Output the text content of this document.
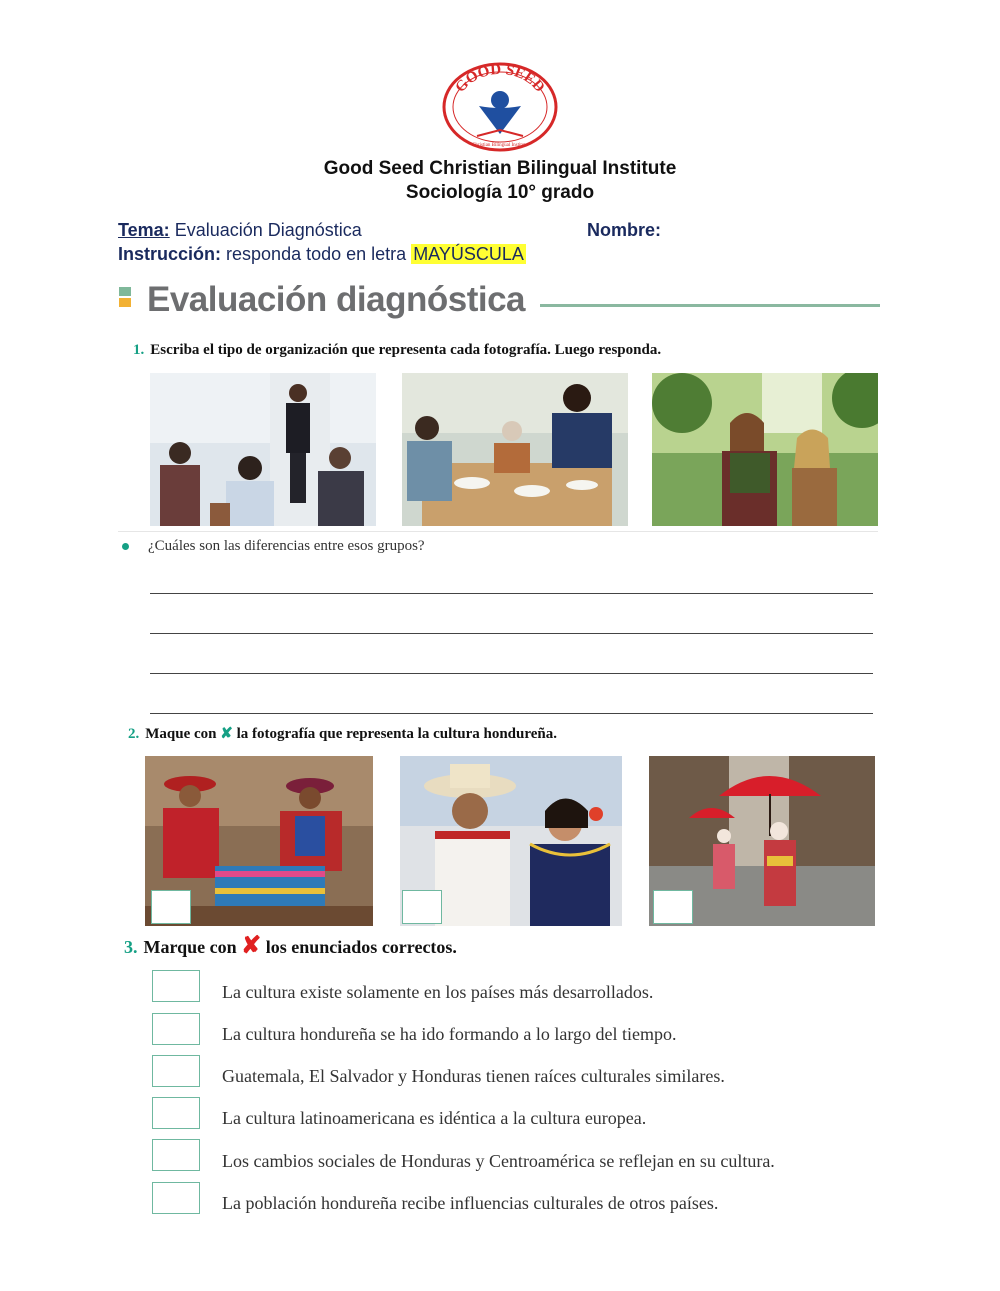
GOOD SEED
Christian Bilingual Institute
Good Seed Christian Bilingual Institute
Sociología 10° grado
Tema: Evaluación Diagnóstica	Nombre:
Instrucción: responda todo en letra MAYÚSCULA
Evaluación diagnóstica
1. Escriba el tipo de organización que representa cada fotografía. Luego responda.
¿Cuáles son las diferencias entre esos grupos?
2. Maque con ✘ la fotografía que representa la cultura hondureña.
3. Marque con ✘ los enunciados correctos.
La cultura existe solamente en los países más desarrollados.
La cultura hondureña se ha ido formando a lo largo del tiempo.
Guatemala, El Salvador y Honduras tienen raíces culturales similares.
La cultura latinoamericana es idéntica a la cultura europea.
Los cambios sociales de Honduras y Centroamérica se reflejan en su cultura.
La población hondureña recibe influencias culturales de otros países.
